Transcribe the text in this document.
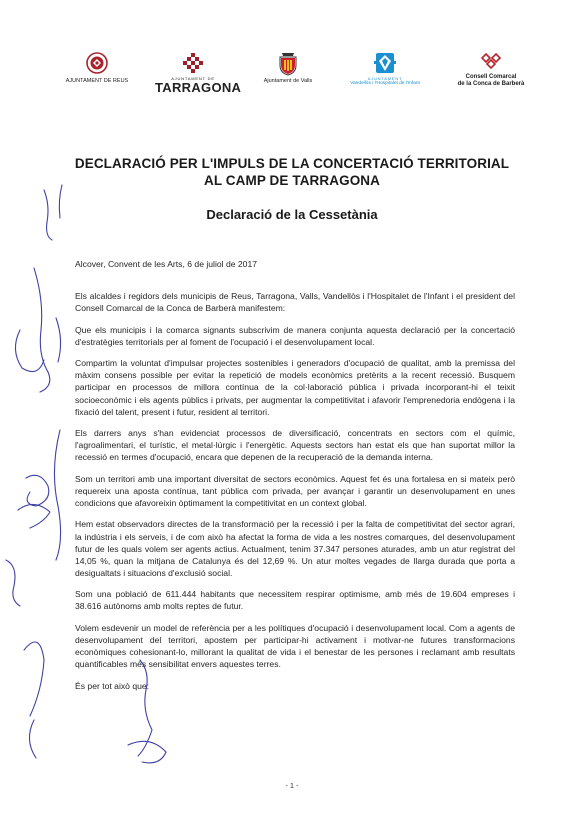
AJUNTAMENT DE REUS	AJUNTAMENT DE
TARRAGONA	Ajuntament de Valls	AJUNTAMENT
Vandellòs i l'Hospitalet de l'Infant
Consell Comarcal
de la Conca de Barberà
DECLARACIÓ PER L'IMPULS DE LA CONCERTACIÓ TERRITORIAL
AL CAMP DE TARRAGONA
Declaració de la Cessetània

Alcover, Convent de les Arts, 6 de juliol de 2017

Els alcaldes i regidors dels municipis de Reus, Tarragona, Valls, Vandellòs i l'Hospitalet de l'Infant i el president del Consell Comarcal de la Conca de Barberà manifestem:

Que els municipis i la comarca signants subscrivim de manera conjunta aquesta declaració per la concertació d'estratègies territorials per al foment de l'ocupació i el desenvolupament local.

Compartim la voluntat d'impulsar projectes sostenibles i generadors d'ocupació de qualitat, amb la premissa del màxim consens possible per evitar la repetició de models econòmics pretèrits a la recent recessió. Busquem participar en processos de millora contínua de la col·laboració pública i privada incorporant-hi el teixit socioeconòmic i els agents públics i privats, per augmentar la competitivitat i afavorir l'emprenedoria endògena i la fixació del talent, present i futur, resident al territori.

Els darrers anys s'han evidenciat processos de diversificació, concentrats en sectors com el químic, l'agroalimentari, el turístic, el metal·lúrgic i l'energètic. Aquests sectors han estat els que han suportat millor la recessió en termes d'ocupació, encara que depenen de la recuperació de la demanda interna.

Som un territori amb una important diversitat de sectors econòmics. Aquest fet és una fortalesa en si mateix però requereix una aposta contínua, tant pública com privada, per avançar i garantir un desenvolupament en unes condicions que afavoreixin òptimament la competitivitat en un context global.

Hem estat observadors directes de la transformació per la recessió i per la falta de competitivitat del sector agrari, la indústria i els serveis, i de com això ha afectat la forma de vida a les nostres comarques, del desenvolupament futur de les quals volem ser agents actius. Actualment, tenim 37.347 persones aturades, amb un atur registrat del 14,05 %, quan la mitjana de Catalunya és del 12,69 %. Un atur moltes vegades de llarga durada que porta a desigualtats i situacions d'exclusió social.

Som una població de 611.444 habitants que necessitem respirar optimisme, amb més de 19.604 empreses i 38.616 autònoms amb molts reptes de futur.

Volem esdevenir un model de referència per a les polítiques d'ocupació i desenvolupament local. Com a agents de desenvolupament del territori, apostem per participar-hi activament i motivar-ne futures transformacions econòmiques cohesionant-lo, millorant la qualitat de vida i el benestar de les persones i reclamant amb resultats quantificables més sensibilitat envers aquestes terres.

És per tot això que:

- 1 -
